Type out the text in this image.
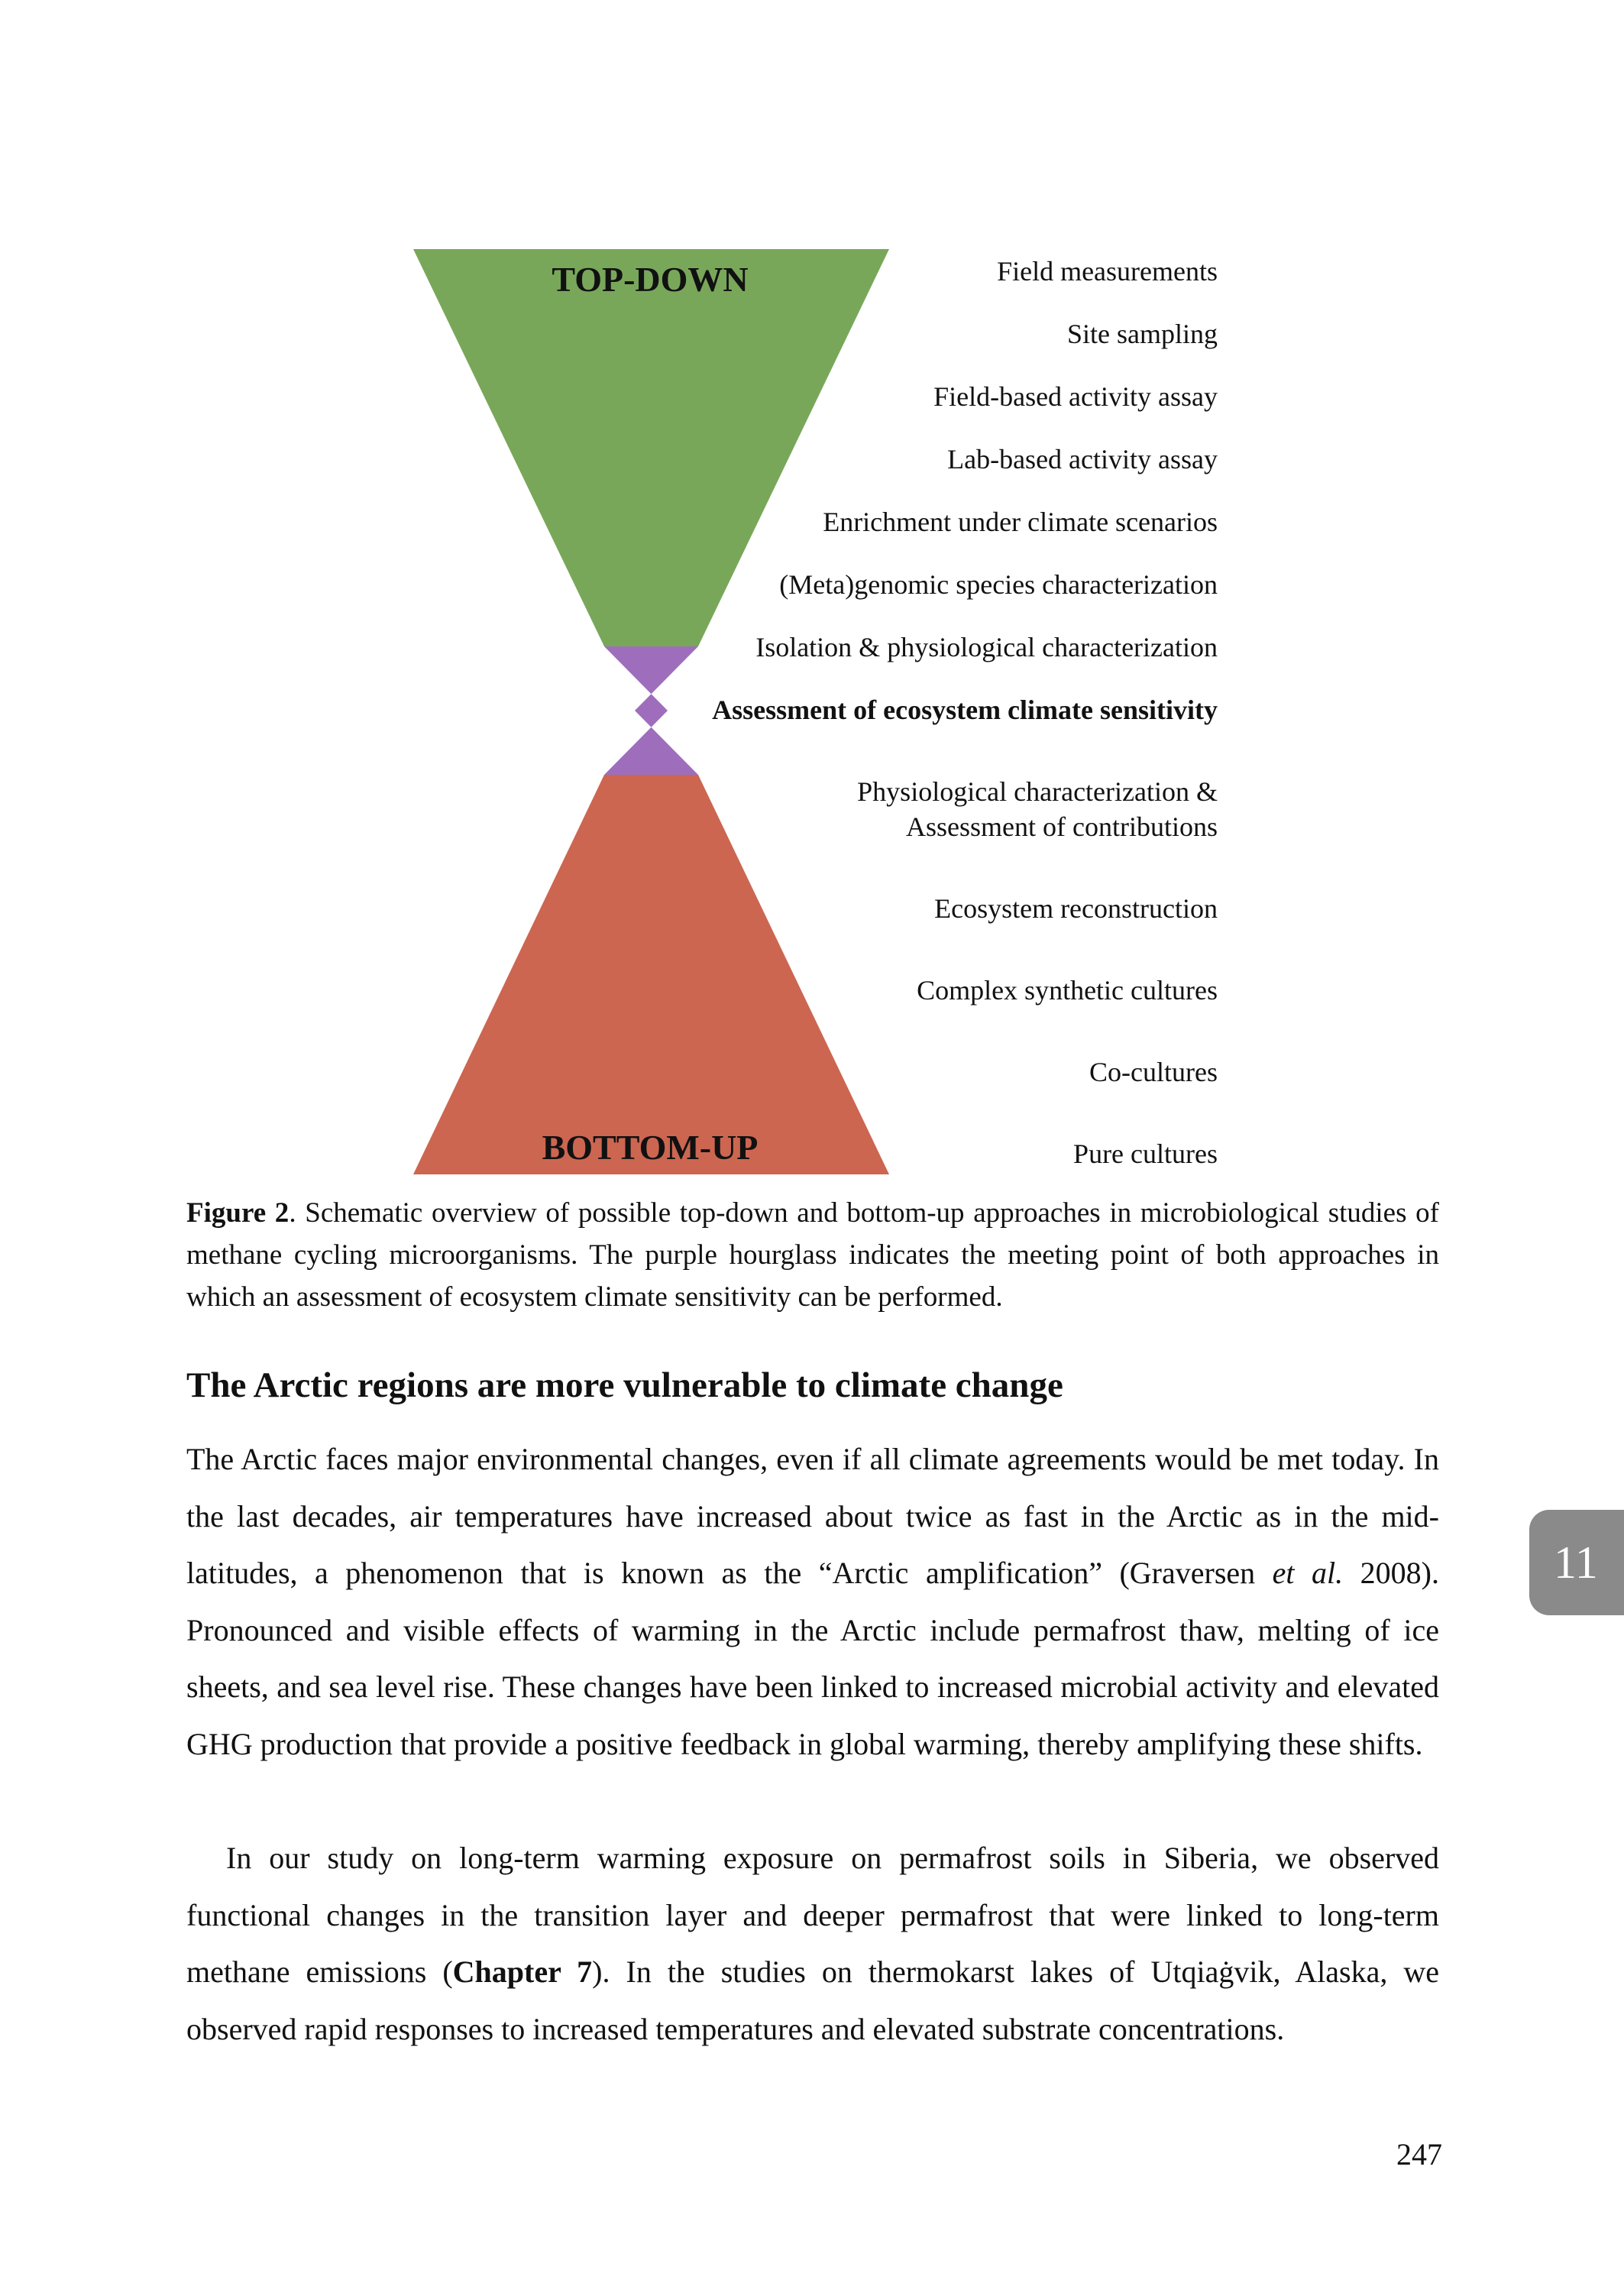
TOP-DOWN
BOTTOM-UP
Field measurements
Site sampling
Field-based activity assay
Lab-based activity assay
Enrichment under climate scenarios
(Meta)genomic species characterization
Isolation & physiological characterization
Assessment of ecosystem climate sensitivity
Physiological characterization &
Assessment of contributions
Ecosystem reconstruction
Complex synthetic cultures
Co-cultures
Pure cultures
Figure 2. Schematic overview of possible top-down and bottom-up approaches in microbiological studies of methane cycling microorganisms. The purple hourglass indicates the meeting point of both approaches in which an assessment of ecosystem climate sensitivity can be performed.
The Arctic regions are more vulnerable to climate change

The Arctic faces major environmental changes, even if all climate agreements would be met today. In the last decades, air temperatures have increased about twice as fast in the Arctic as in the mid-latitudes, a phenomenon that is known as the “Arctic amplification” (Graversen et al. 2008). Pronounced and visible effects of warming in the Arctic include permafrost thaw, melting of ice sheets, and sea level rise. These changes have been linked to increased microbial activity and elevated GHG production that provide a positive feedback in global warming, thereby amplifying these shifts.

In our study on long-term warming exposure on permafrost soils in Siberia, we observed functional changes in the transition layer and deeper permafrost that were linked to long-term methane emissions (Chapter 7). In the studies on thermokarst lakes of Utqiaġvik, Alaska, we observed rapid responses to increased temperatures and elevated substrate concentrations.

11
247
